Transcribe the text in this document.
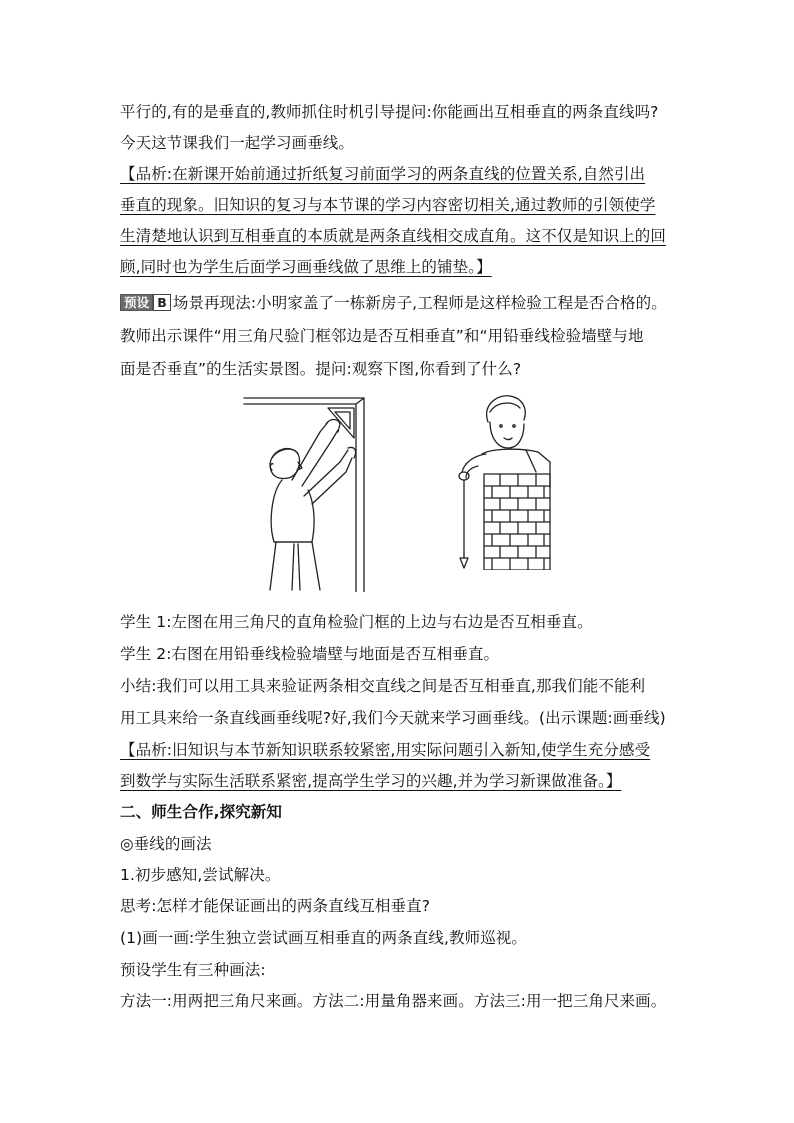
平行的,有的是垂直的,教师抓住时机引导提问:你能画出互相垂直的两条直线吗?
今天这节课我们一起学习画垂线。
【品析:在新课开始前通过折纸复习前面学习的两条直线的位置关系,自然引出
垂直的现象。旧知识的复习与本节课的学习内容密切相关,通过教师的引领使学
生清楚地认识到互相垂直的本质就是两条直线相交成直角。这不仅是知识上的回
顾,同时也为学生后面学习画垂线做了思维上的铺垫。】
预设 B 场景再现法:小明家盖了一栋新房子,工程师是这样检验工程是否合格的。
教师出示课件“用三角尺验门框邻边是否互相垂直”和“用铅垂线检验墙壁与地
面是否垂直”的生活实景图。提问:观察下图,你看到了什么?
学生 1:左图在用三角尺的直角检验门框的上边与右边是否互相垂直。
学生 2:右图在用铅垂线检验墙壁与地面是否互相垂直。
小结:我们可以用工具来验证两条相交直线之间是否互相垂直,那我们能不能利
用工具来给一条直线画垂线呢?好,我们今天就来学习画垂线。(出示课题:画垂线)
【品析:旧知识与本节新知识联系较紧密,用实际问题引入新知,使学生充分感受
到数学与实际生活联系紧密,提高学生学习的兴趣,并为学习新课做准备。】
二、师生合作,探究新知
◎垂线的画法
1.初步感知,尝试解决。
思考:怎样才能保证画出的两条直线互相垂直?
(1)画一画:学生独立尝试画互相垂直的两条直线,教师巡视。
预设学生有三种画法:
方法一:用两把三角尺来画。方法二:用量角器来画。方法三:用一把三角尺来画。
